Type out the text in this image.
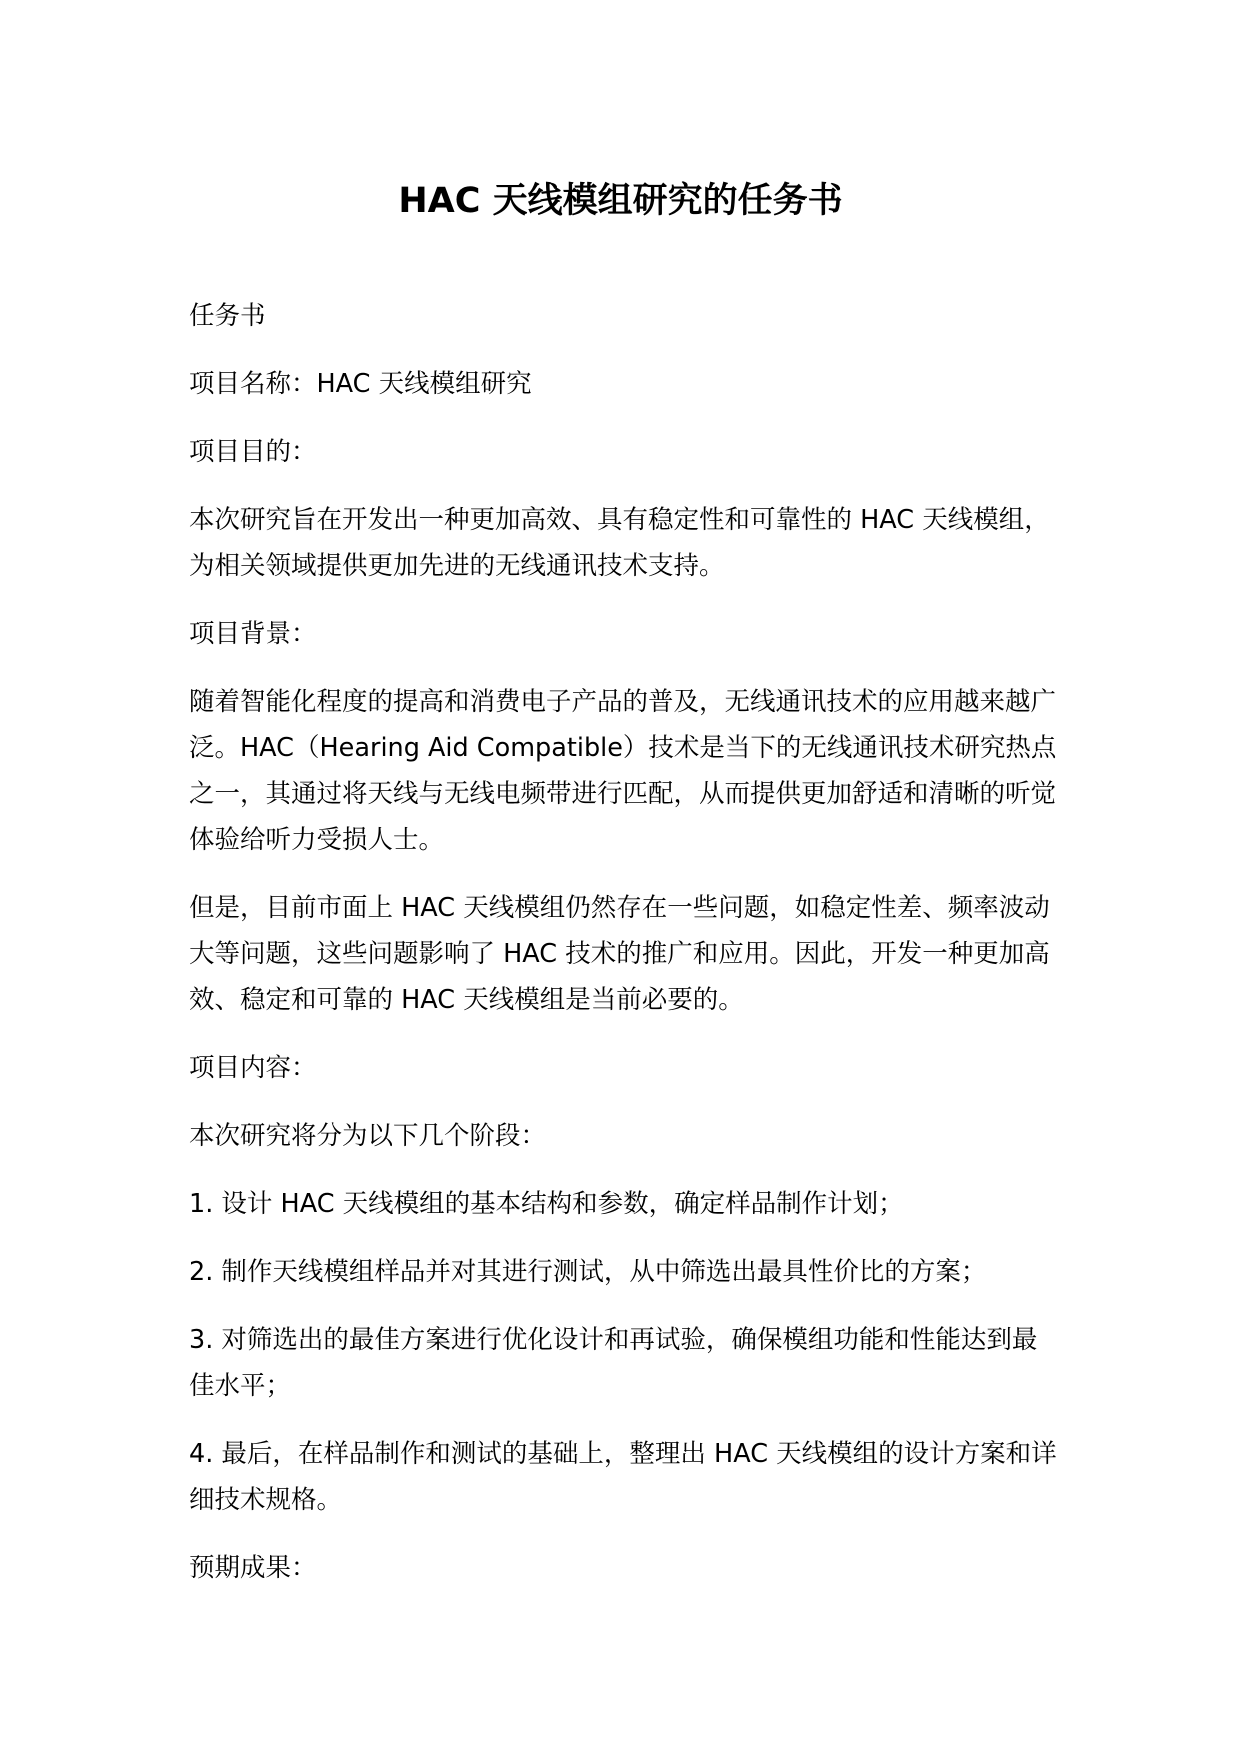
HAC 天线模组研究的任务书

任务书

项目名称：HAC 天线模组研究

项目目的：

本次研究旨在开发出一种更加高效、具有稳定性和可靠性的 HAC 天线模组，为相关领域提供更加先进的无线通讯技术支持。

项目背景：

随着智能化程度的提高和消费电子产品的普及，无线通讯技术的应用越来越广泛。HAC（Hearing Aid Compatible）技术是当下的无线通讯技术研究热点之一，其通过将天线与无线电频带进行匹配，从而提供更加舒适和清晰的听觉体验给听力受损人士。

但是，目前市面上 HAC 天线模组仍然存在一些问题，如稳定性差、频率波动大等问题，这些问题影响了 HAC 技术的推广和应用。因此，开发一种更加高效、稳定和可靠的 HAC 天线模组是当前必要的。

项目内容：

本次研究将分为以下几个阶段：

1. 设计 HAC 天线模组的基本结构和参数，确定样品制作计划；

2. 制作天线模组样品并对其进行测试，从中筛选出最具性价比的方案；

3. 对筛选出的最佳方案进行优化设计和再试验，确保模组功能和性能达到最佳水平；

4. 最后，在样品制作和测试的基础上，整理出 HAC 天线模组的设计方案和详细技术规格。

预期成果：
